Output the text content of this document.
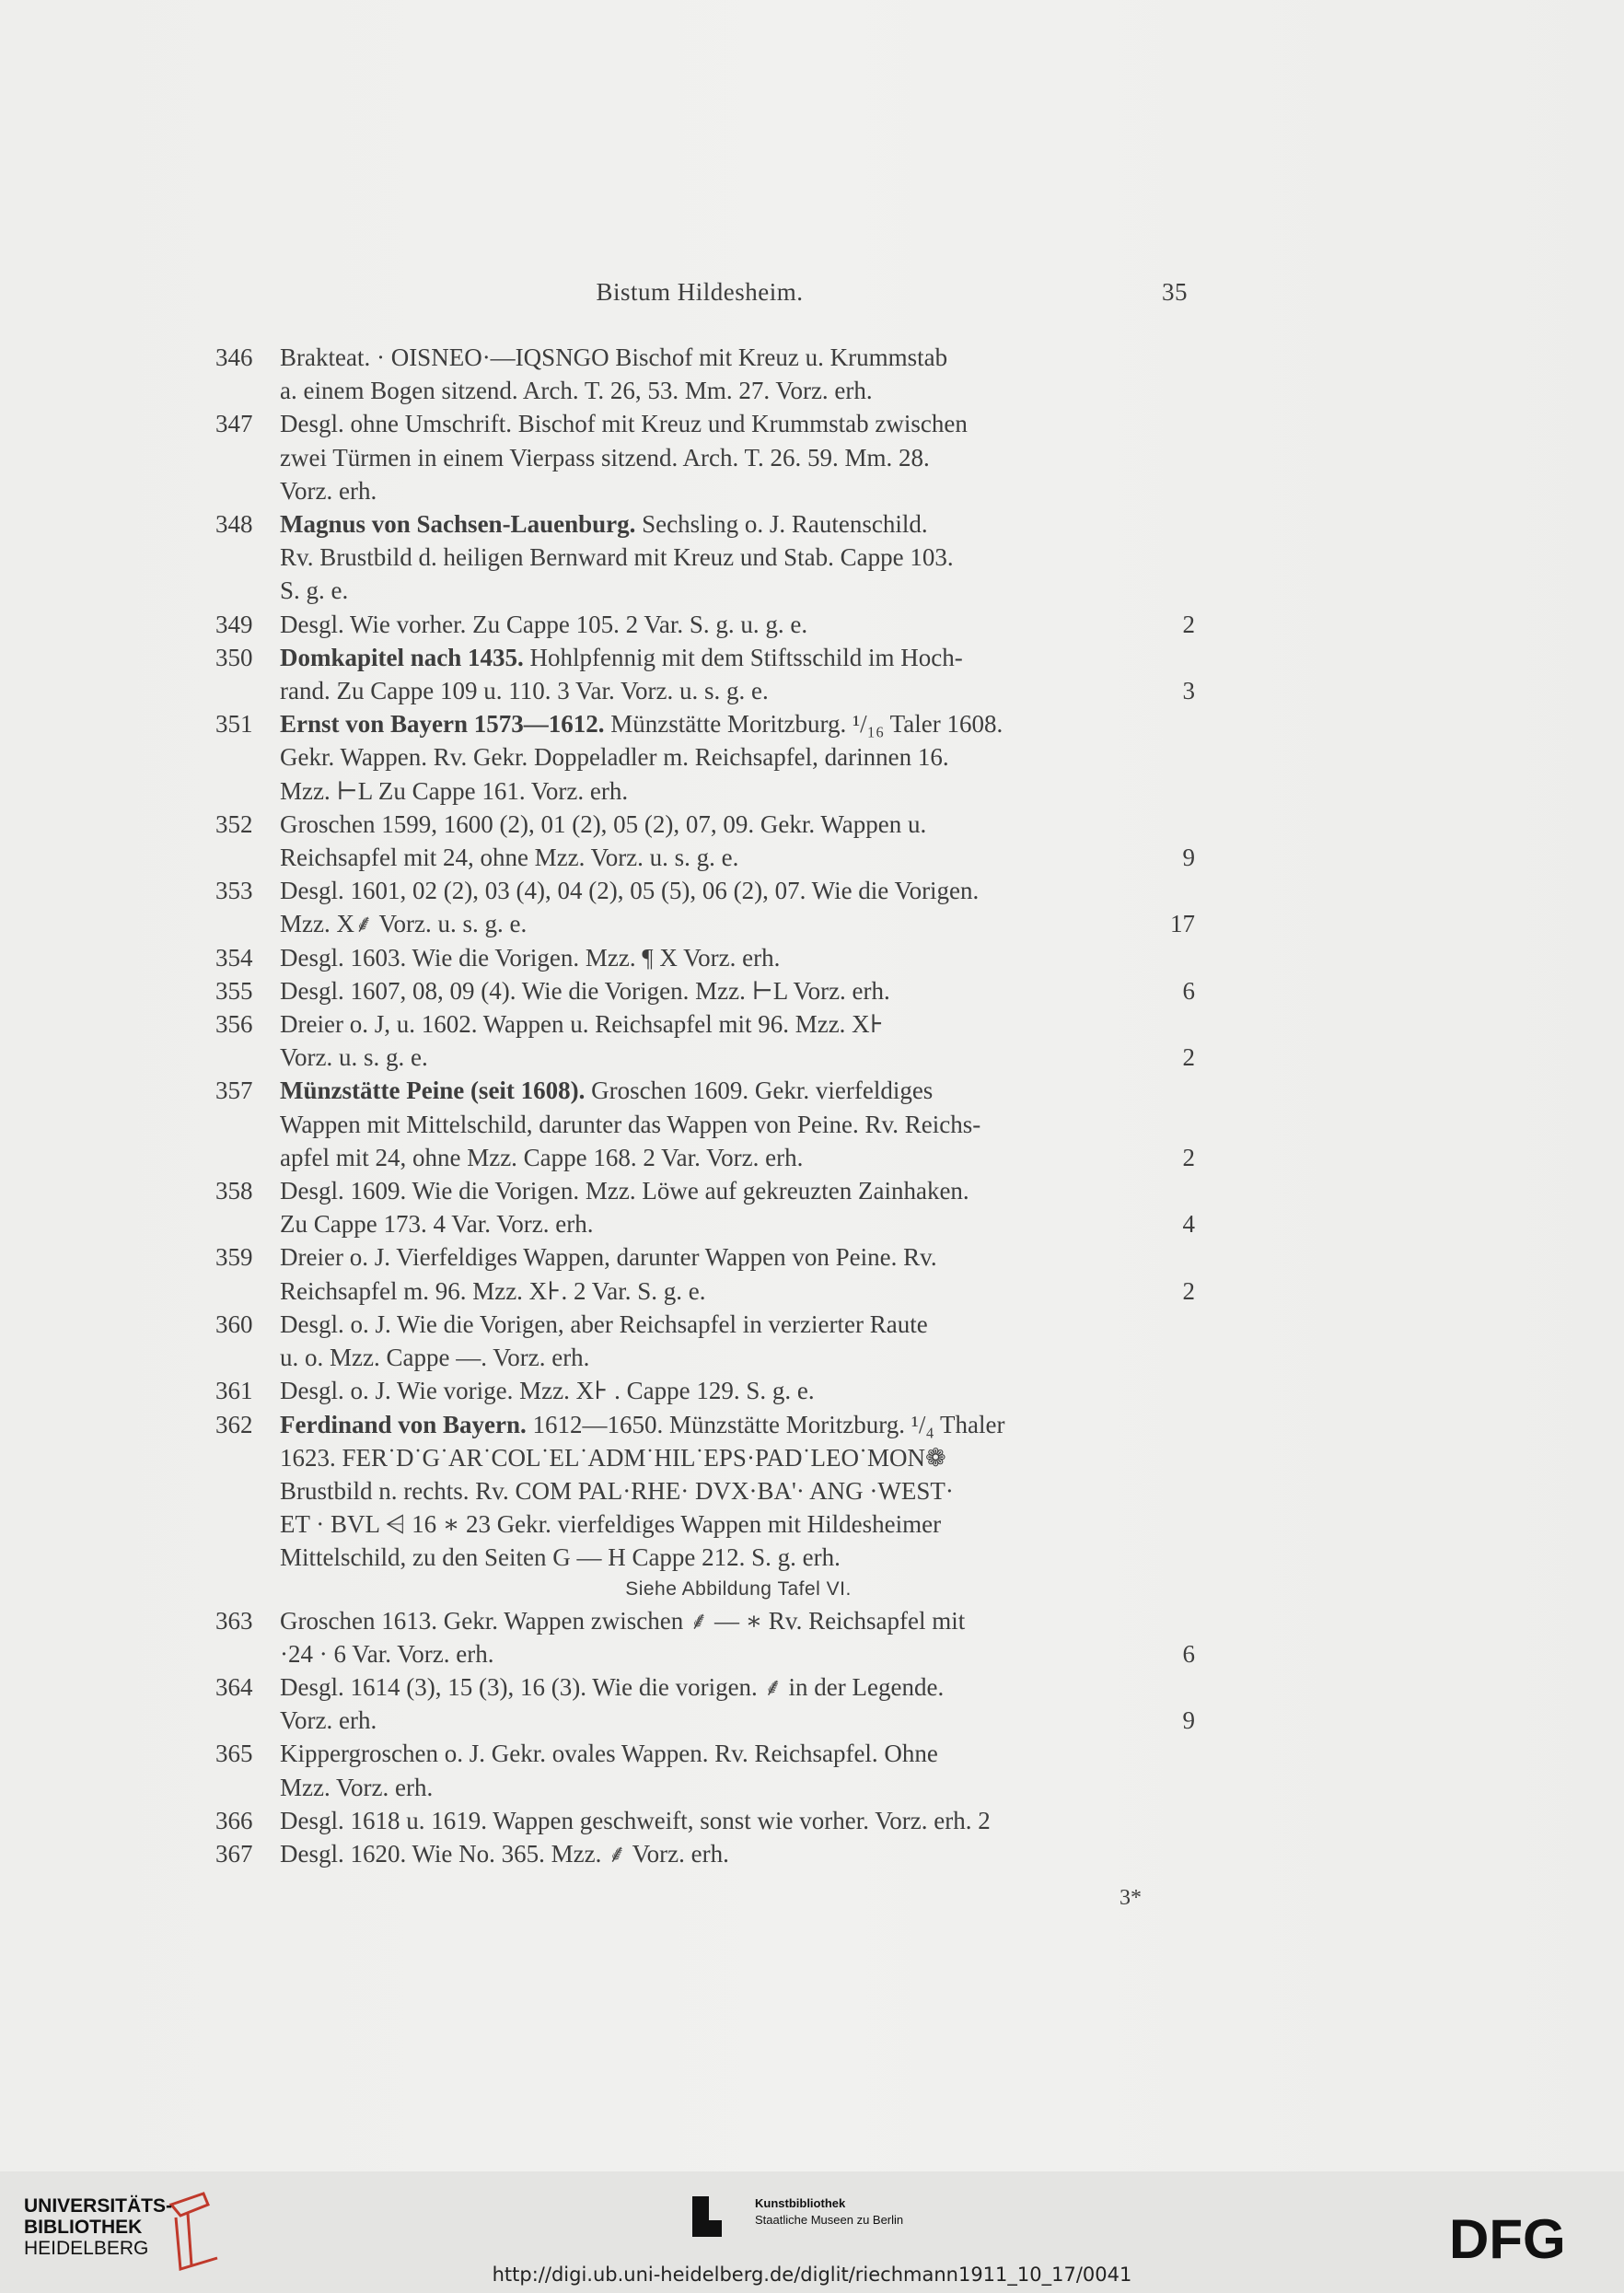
Bistum Hildesheim.	35
346 Brakteat. · OISNEO·—IQSNGO Bischof mit Kreuz u. Krummstab
a. einem Bogen sitzend. Arch. T. 26, 53. Mm. 27. Vorz. erh.
347 Desgl. ohne Umschrift. Bischof mit Kreuz und Krummstab zwischen
zwei Türmen in einem Vierpass sitzend. Arch. T. 26. 59. Mm. 28.
Vorz. erh.
348 Magnus von Sachsen-Lauenburg. Sechsling o. J. Rautenschild.
Rv. Brustbild d. heiligen Bernward mit Kreuz und Stab. Cappe 103.
S. g. e.
349 Desgl. Wie vorher. Zu Cappe 105. 2 Var. S. g. u. g. e.	2
350 Domkapitel nach 1435. Hohlpfennig mit dem Stiftsschild im Hoch-
rand. Zu Cappe 109 u. 110. 3 Var. Vorz. u. s. g. e.	3
351 Ernst von Bayern 1573—1612. Münzstätte Moritzburg. ¹/₁₆ Taler 1608.
Gekr. Wappen. Rv. Gekr. Doppeladler m. Reichsapfel, darinnen 16.
Mzz. ⊢L Zu Cappe 161. Vorz. erh.
352 Groschen 1599, 1600 (2), 01 (2), 05 (2), 07, 09. Gekr. Wappen u.
Reichsapfel mit 24, ohne Mzz. Vorz. u. s. g. e.	9
353 Desgl. 1601, 02 (2), 03 (4), 04 (2), 05 (5), 06 (2), 07. Wie die Vorigen.
Mzz. X⸙ Vorz. u. s. g. e.	17
354 Desgl. 1603. Wie die Vorigen. Mzz. ¶ X Vorz. erh.
355 Desgl. 1607, 08, 09 (4). Wie die Vorigen. Mzz. ⊢L Vorz. erh.	6
356 Dreier o. J, u. 1602. Wappen u. Reichsapfel mit 96. Mzz. X⊦
Vorz. u. s. g. e.	2
357 Münzstätte Peine (seit 1608). Groschen 1609. Gekr. vierfeldiges
Wappen mit Mittelschild, darunter das Wappen von Peine. Rv. Reichs-
apfel mit 24, ohne Mzz. Cappe 168. 2 Var. Vorz. erh.	2
358 Desgl. 1609. Wie die Vorigen. Mzz. Löwe auf gekreuzten Zainhaken.
Zu Cappe 173. 4 Var. Vorz. erh.	4
359 Dreier o. J. Vierfeldiges Wappen, darunter Wappen von Peine. Rv.
Reichsapfel m. 96. Mzz. X⊦. 2 Var. S. g. e.	2
360 Desgl. o. J. Wie die Vorigen, aber Reichsapfel in verzierter Raute
u. o. Mzz. Cappe —. Vorz. erh.
361 Desgl. o. J. Wie vorige. Mzz. X⊦ . Cappe 129. S. g. e.
362 Ferdinand von Bayern. 1612—1650. Münzstätte Moritzburg. ¹/₄ Thaler
1623. FER˙D˙G˙AR˙COL˙EL˙ADM˙HIL˙EPS·PAD˙LEO˙MON❁
Brustbild n. rechts. Rv. COM PAL·RHE· DVX·BA'· ANG ·WEST·
ET · BVL ⩤ 16 ∗ 23 Gekr. vierfeldiges Wappen mit Hildesheimer
Mittelschild, zu den Seiten G — H Cappe 212. S. g. erh.
Siehe Abbildung Tafel VI.
363 Groschen 1613. Gekr. Wappen zwischen ⸙ — ∗ Rv. Reichsapfel mit
·24 · 6 Var. Vorz. erh.	6
364 Desgl. 1614 (3), 15 (3), 16 (3). Wie die vorigen. ⸙ in der Legende.
Vorz. erh.	9
365 Kippergroschen o. J. Gekr. ovales Wappen. Rv. Reichsapfel. Ohne
Mzz. Vorz. erh.
366 Desgl. 1618 u. 1619. Wappen geschweift, sonst wie vorher. Vorz. erh. 2
367 Desgl. 1620. Wie No. 365. Mzz. ⸙ Vorz. erh.
3*
UNIVERSITÄTS-
BIBLIOTHEK
HEIDELBERG
Kunstbibliothek
Staatliche Museen zu Berlin	DFG
http://digi.ub.uni-heidelberg.de/diglit/riechmann1911_10_17/0041
